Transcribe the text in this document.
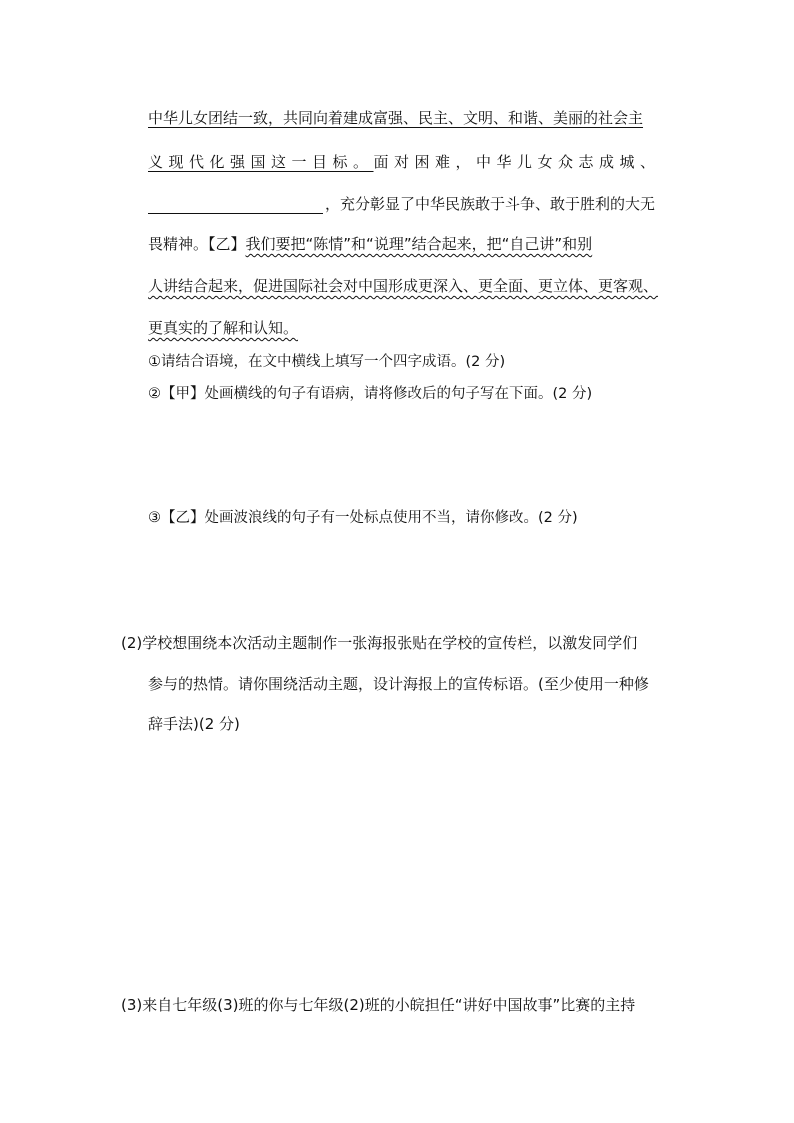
中华儿女团结一致，共同向着建成富强、民主、文明、和谐、美丽的社会主
义现代化强国这一目标。面对困难，中华儿女众志成城、
，充分彰显了中华民族敢于斗争、敢于胜利的大无
畏精神。【乙】我们要把“陈情”和“说理”结合起来，把“自己讲”和别
人讲结合起来，促进国际社会对中国形成更深入、更全面、更立体、更客观、
更真实的了解和认知。
①请结合语境，在文中横线上填写一个四字成语。(2 分)
②【甲】处画横线的句子有语病，请将修改后的句子写在下面。(2 分)
③【乙】处画波浪线的句子有一处标点使用不当，请你修改。(2 分)
(2)学校想围绕本次活动主题制作一张海报张贴在学校的宣传栏，以激发同学们
参与的热情。请你围绕活动主题，设计海报上的宣传标语。(至少使用一种修
辞手法)(2 分)
(3)来自七年级(3)班的你与七年级(2)班的小皖担任“讲好中国故事”比赛的主持
